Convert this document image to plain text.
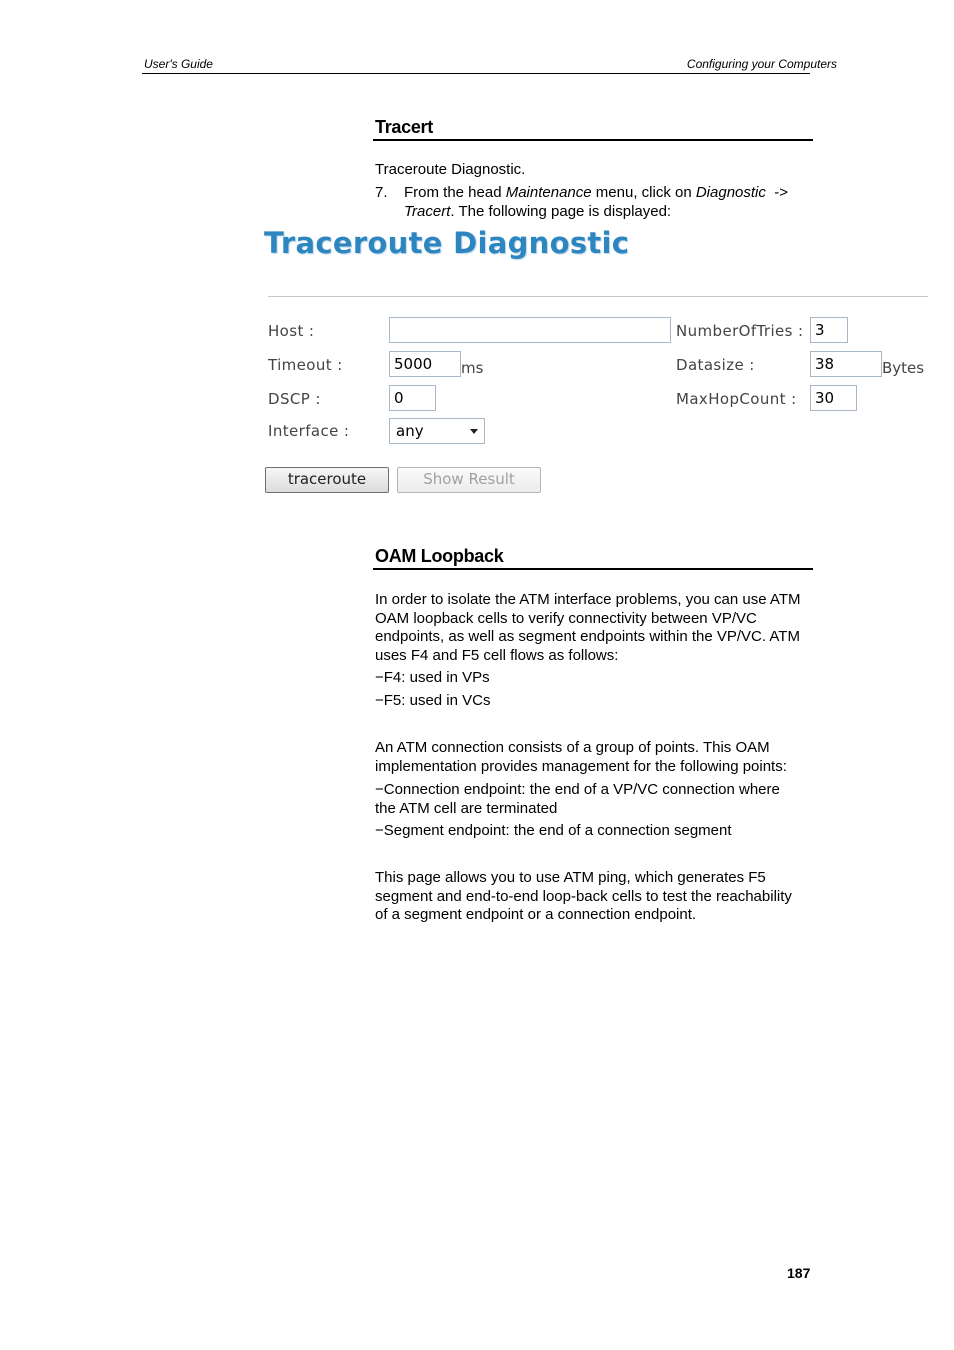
User's Guide	Configuring your Computers
Tracert
Traceroute Diagnostic.
7.	From the head Maintenance menu, click on Diagnostic  ->
Tracert. The following page is displayed:
Traceroute Diagnostic
Host :
Timeout :	5000	ms
DSCP :	0
Interface :	any
NumberOfTries : 3
Datasize :	38	Bytes
MaxHopCount :	30
traceroute	Show Result
OAM Loopback
In order to isolate the ATM interface problems, you can use ATM OAM loopback cells to verify connectivity between VP/VC endpoints, as well as segment endpoints within the VP/VC. ATM uses F4 and F5 cell flows as follows:
−F4: used in VPs
−F5: used in VCs
An ATM connection consists of a group of points. This OAM implementation provides management for the following points:
−Connection endpoint: the end of a VP/VC connection where the ATM cell are terminated
−Segment endpoint: the end of a connection segment
This page allows you to use ATM ping, which generates F5 segment and end-to-end loop-back cells to test the reachability of a segment endpoint or a connection endpoint.
187
